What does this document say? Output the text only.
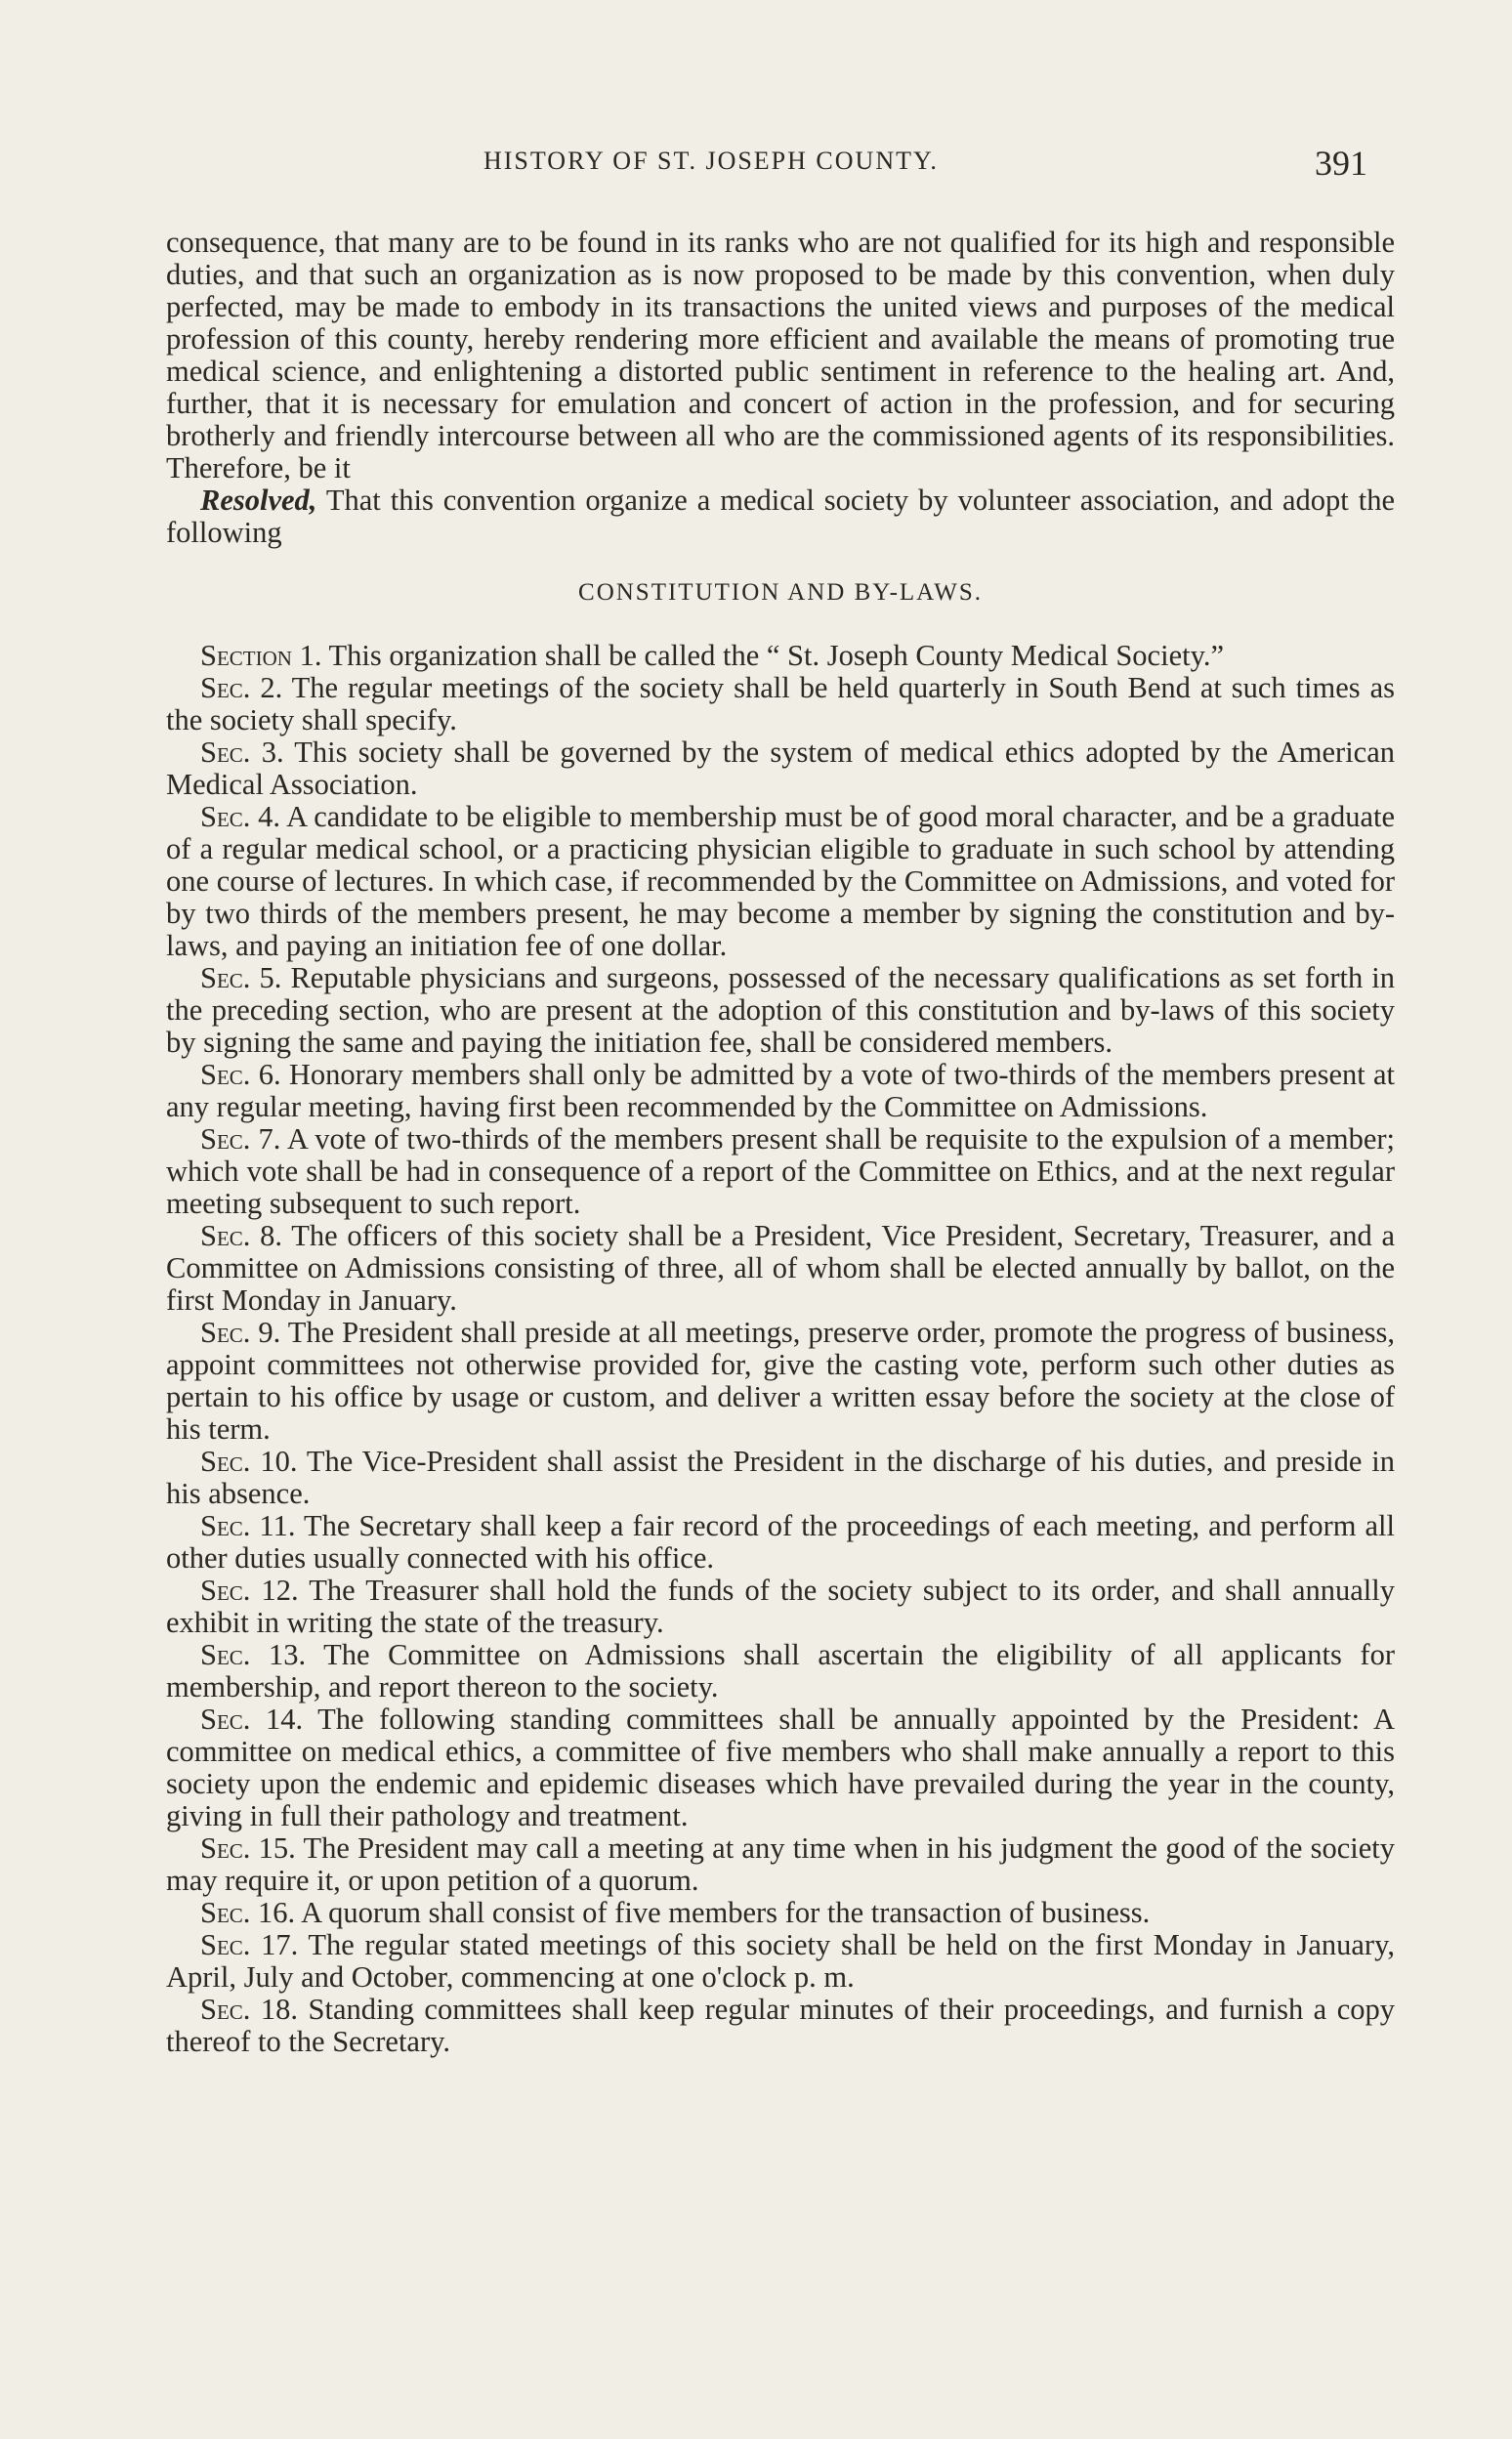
HISTORY OF ST. JOSEPH COUNTY.	391

consequence, that many are to be found in its ranks who are not qualified for its high and responsible duties, and that such an organization as is now proposed to be made by this convention, when duly perfected, may be made to embody in its transactions the united views and purposes of the medical profession of this county, hereby rendering more efficient and available the means of promoting true medical science, and enlightening a distorted public sentiment in reference to the healing art. And, further, that it is necessary for emulation and concert of action in the profession, and for securing brotherly and friendly intercourse between all who are the commissioned agents of its responsibilities. Therefore, be it

Resolved, That this convention organize a medical society by volunteer association, and adopt the following

CONSTITUTION AND BY-LAWS.

Section 1. This organization shall be called the “ St. Joseph County Medical Society.”

Sec. 2. The regular meetings of the society shall be held quarterly in South Bend at such times as the society shall specify.

Sec. 3. This society shall be governed by the system of medical ethics adopted by the American Medical Association.

Sec. 4. A candidate to be eligible to membership must be of good moral character, and be a graduate of a regular medical school, or a practicing physician eligible to graduate in such school by attending one course of lectures. In which case, if recommended by the Committee on Admissions, and voted for by two thirds of the members present, he may become a member by signing the constitution and by-laws, and paying an initiation fee of one dollar.

Sec. 5. Reputable physicians and surgeons, possessed of the necessary qualifications as set forth in the preceding section, who are present at the adoption of this constitution and by-laws of this society by signing the same and paying the initiation fee, shall be considered members.

Sec. 6. Honorary members shall only be admitted by a vote of two-thirds of the members present at any regular meeting, having first been recommended by the Committee on Admissions.

Sec. 7. A vote of two-thirds of the members present shall be requisite to the expulsion of a member; which vote shall be had in consequence of a report of the Committee on Ethics, and at the next regular meeting subsequent to such report.

Sec. 8. The officers of this society shall be a President, Vice President, Secretary, Treasurer, and a Committee on Admissions consisting of three, all of whom shall be elected annually by ballot, on the first Monday in January.

Sec. 9. The President shall preside at all meetings, preserve order, promote the progress of business, appoint committees not otherwise provided for, give the casting vote, perform such other duties as pertain to his office by usage or custom, and deliver a written essay before the society at the close of his term.

Sec. 10. The Vice-President shall assist the President in the discharge of his duties, and preside in his absence.

Sec. 11. The Secretary shall keep a fair record of the proceedings of each meeting, and perform all other duties usually connected with his office.

Sec. 12. The Treasurer shall hold the funds of the society subject to its order, and shall annually exhibit in writing the state of the treasury.

Sec. 13. The Committee on Admissions shall ascertain the eligibility of all applicants for membership, and report thereon to the society.

Sec. 14. The following standing committees shall be annually appointed by the President: A committee on medical ethics, a committee of five members who shall make annually a report to this society upon the endemic and epidemic diseases which have prevailed during the year in the county, giving in full their pathology and treatment.

Sec. 15. The President may call a meeting at any time when in his judgment the good of the society may require it, or upon petition of a quorum.

Sec. 16. A quorum shall consist of five members for the transaction of business.

Sec. 17. The regular stated meetings of this society shall be held on the first Monday in January, April, July and October, commencing at one o'clock p. m.

Sec. 18. Standing committees shall keep regular minutes of their proceedings, and furnish a copy thereof to the Secretary.
